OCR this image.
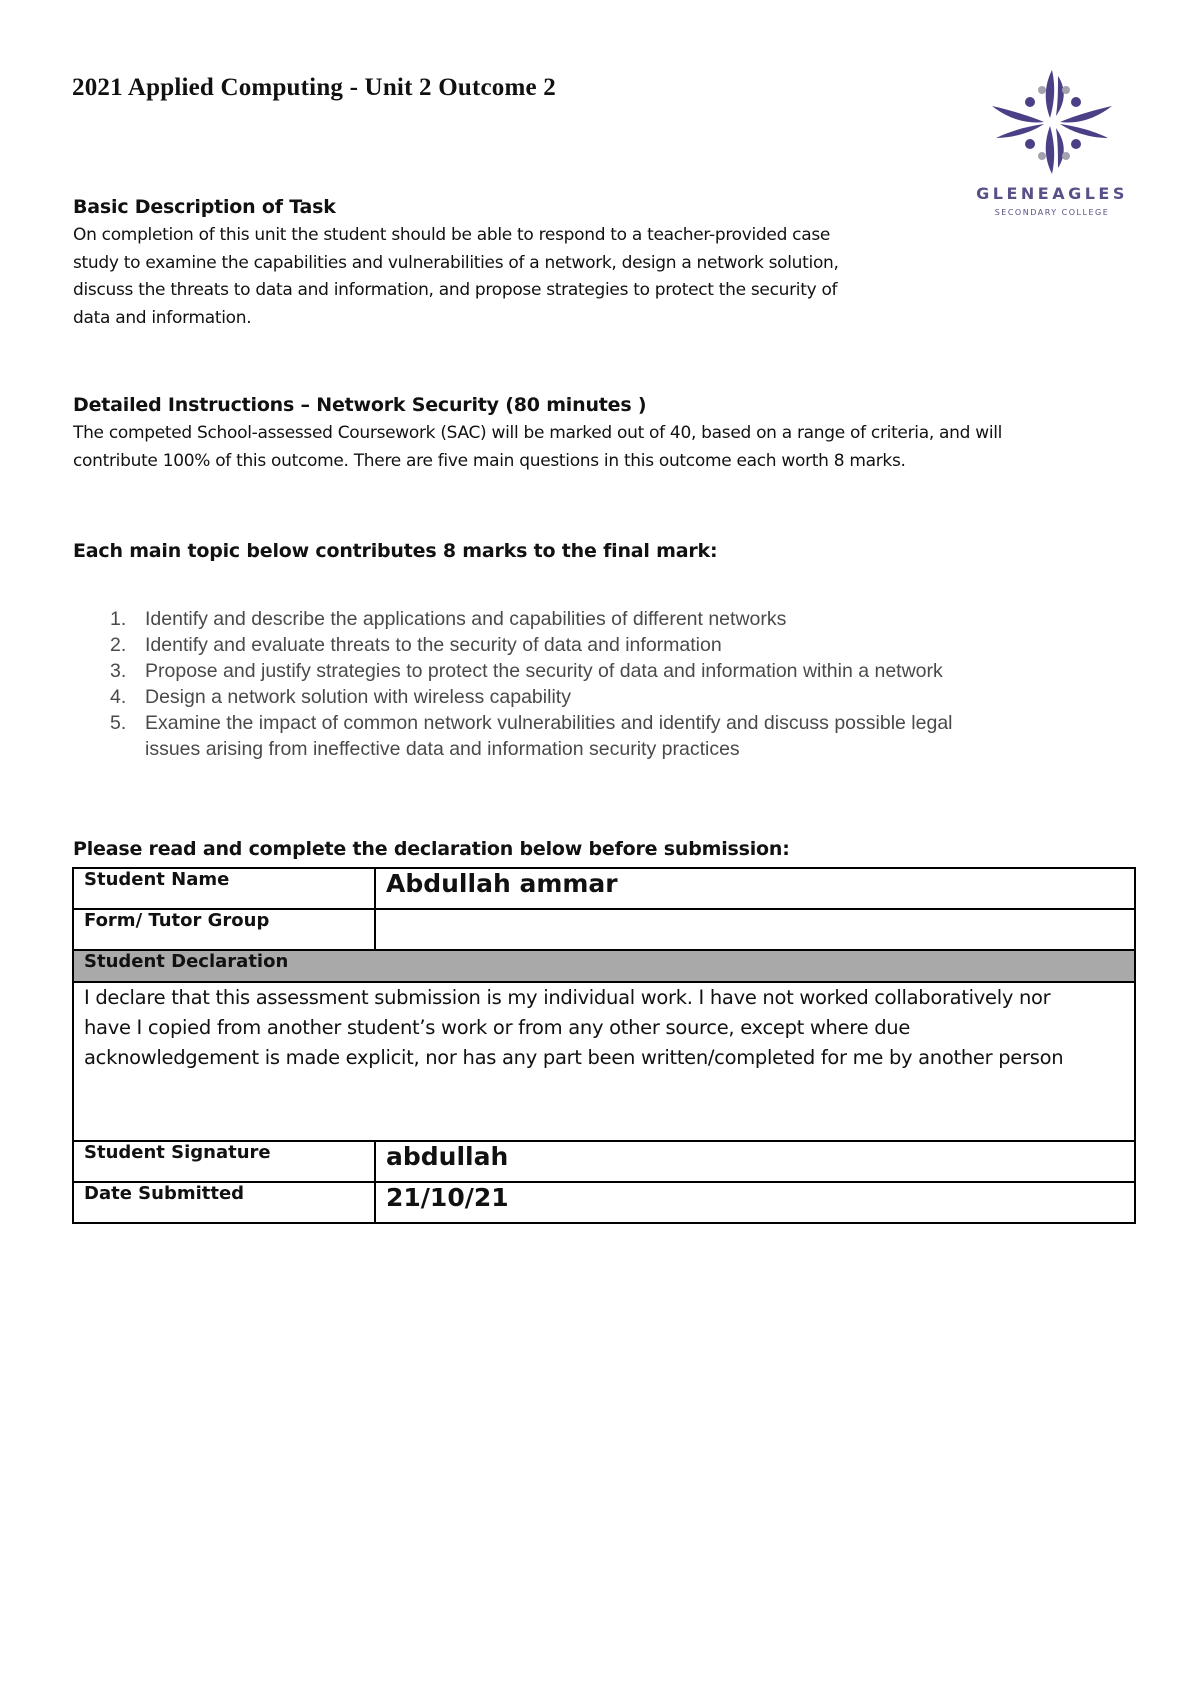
2021 Applied Computing - Unit 2 Outcome 2
GLENEAGLES
SECONDARY COLLEGE
Basic Description of Task
On completion of this unit the student should be able to respond to a teacher-provided case
study to examine the capabilities and vulnerabilities of a network, design a network solution,
discuss the threats to data and information, and propose strategies to protect the security of
data and information.
Detailed Instructions – Network Security (80 minutes )
The competed School-assessed Coursework (SAC) will be marked out of 40, based on a range of criteria, and will
contribute 100% of this outcome. There are five main questions in this outcome each worth 8 marks.
Each main topic below contributes 8 marks to the final mark:
1. Identify and describe the applications and capabilities of different networks
2. Identify and evaluate threats to the security of data and information
3. Propose and justify strategies to protect the security of data and information within a network
4. Design a network solution with wireless capability
5. Examine the impact of common network vulnerabilities and identify and discuss possible legal
issues arising from ineffective data and information security practices
Please read and complete the declaration below before submission:
Student Name	Abdullah ammar
Form/ Tutor Group	
Student Declaration	

I declare that this assessment submission is my individual work. I have not worked collaboratively nor
have I copied from another student’s work or from any other source, except where due
acknowledgement is made explicit, nor has any part been written/completed for me by another person	

Student Signature	abdullah
Date Submitted	21/10/21
